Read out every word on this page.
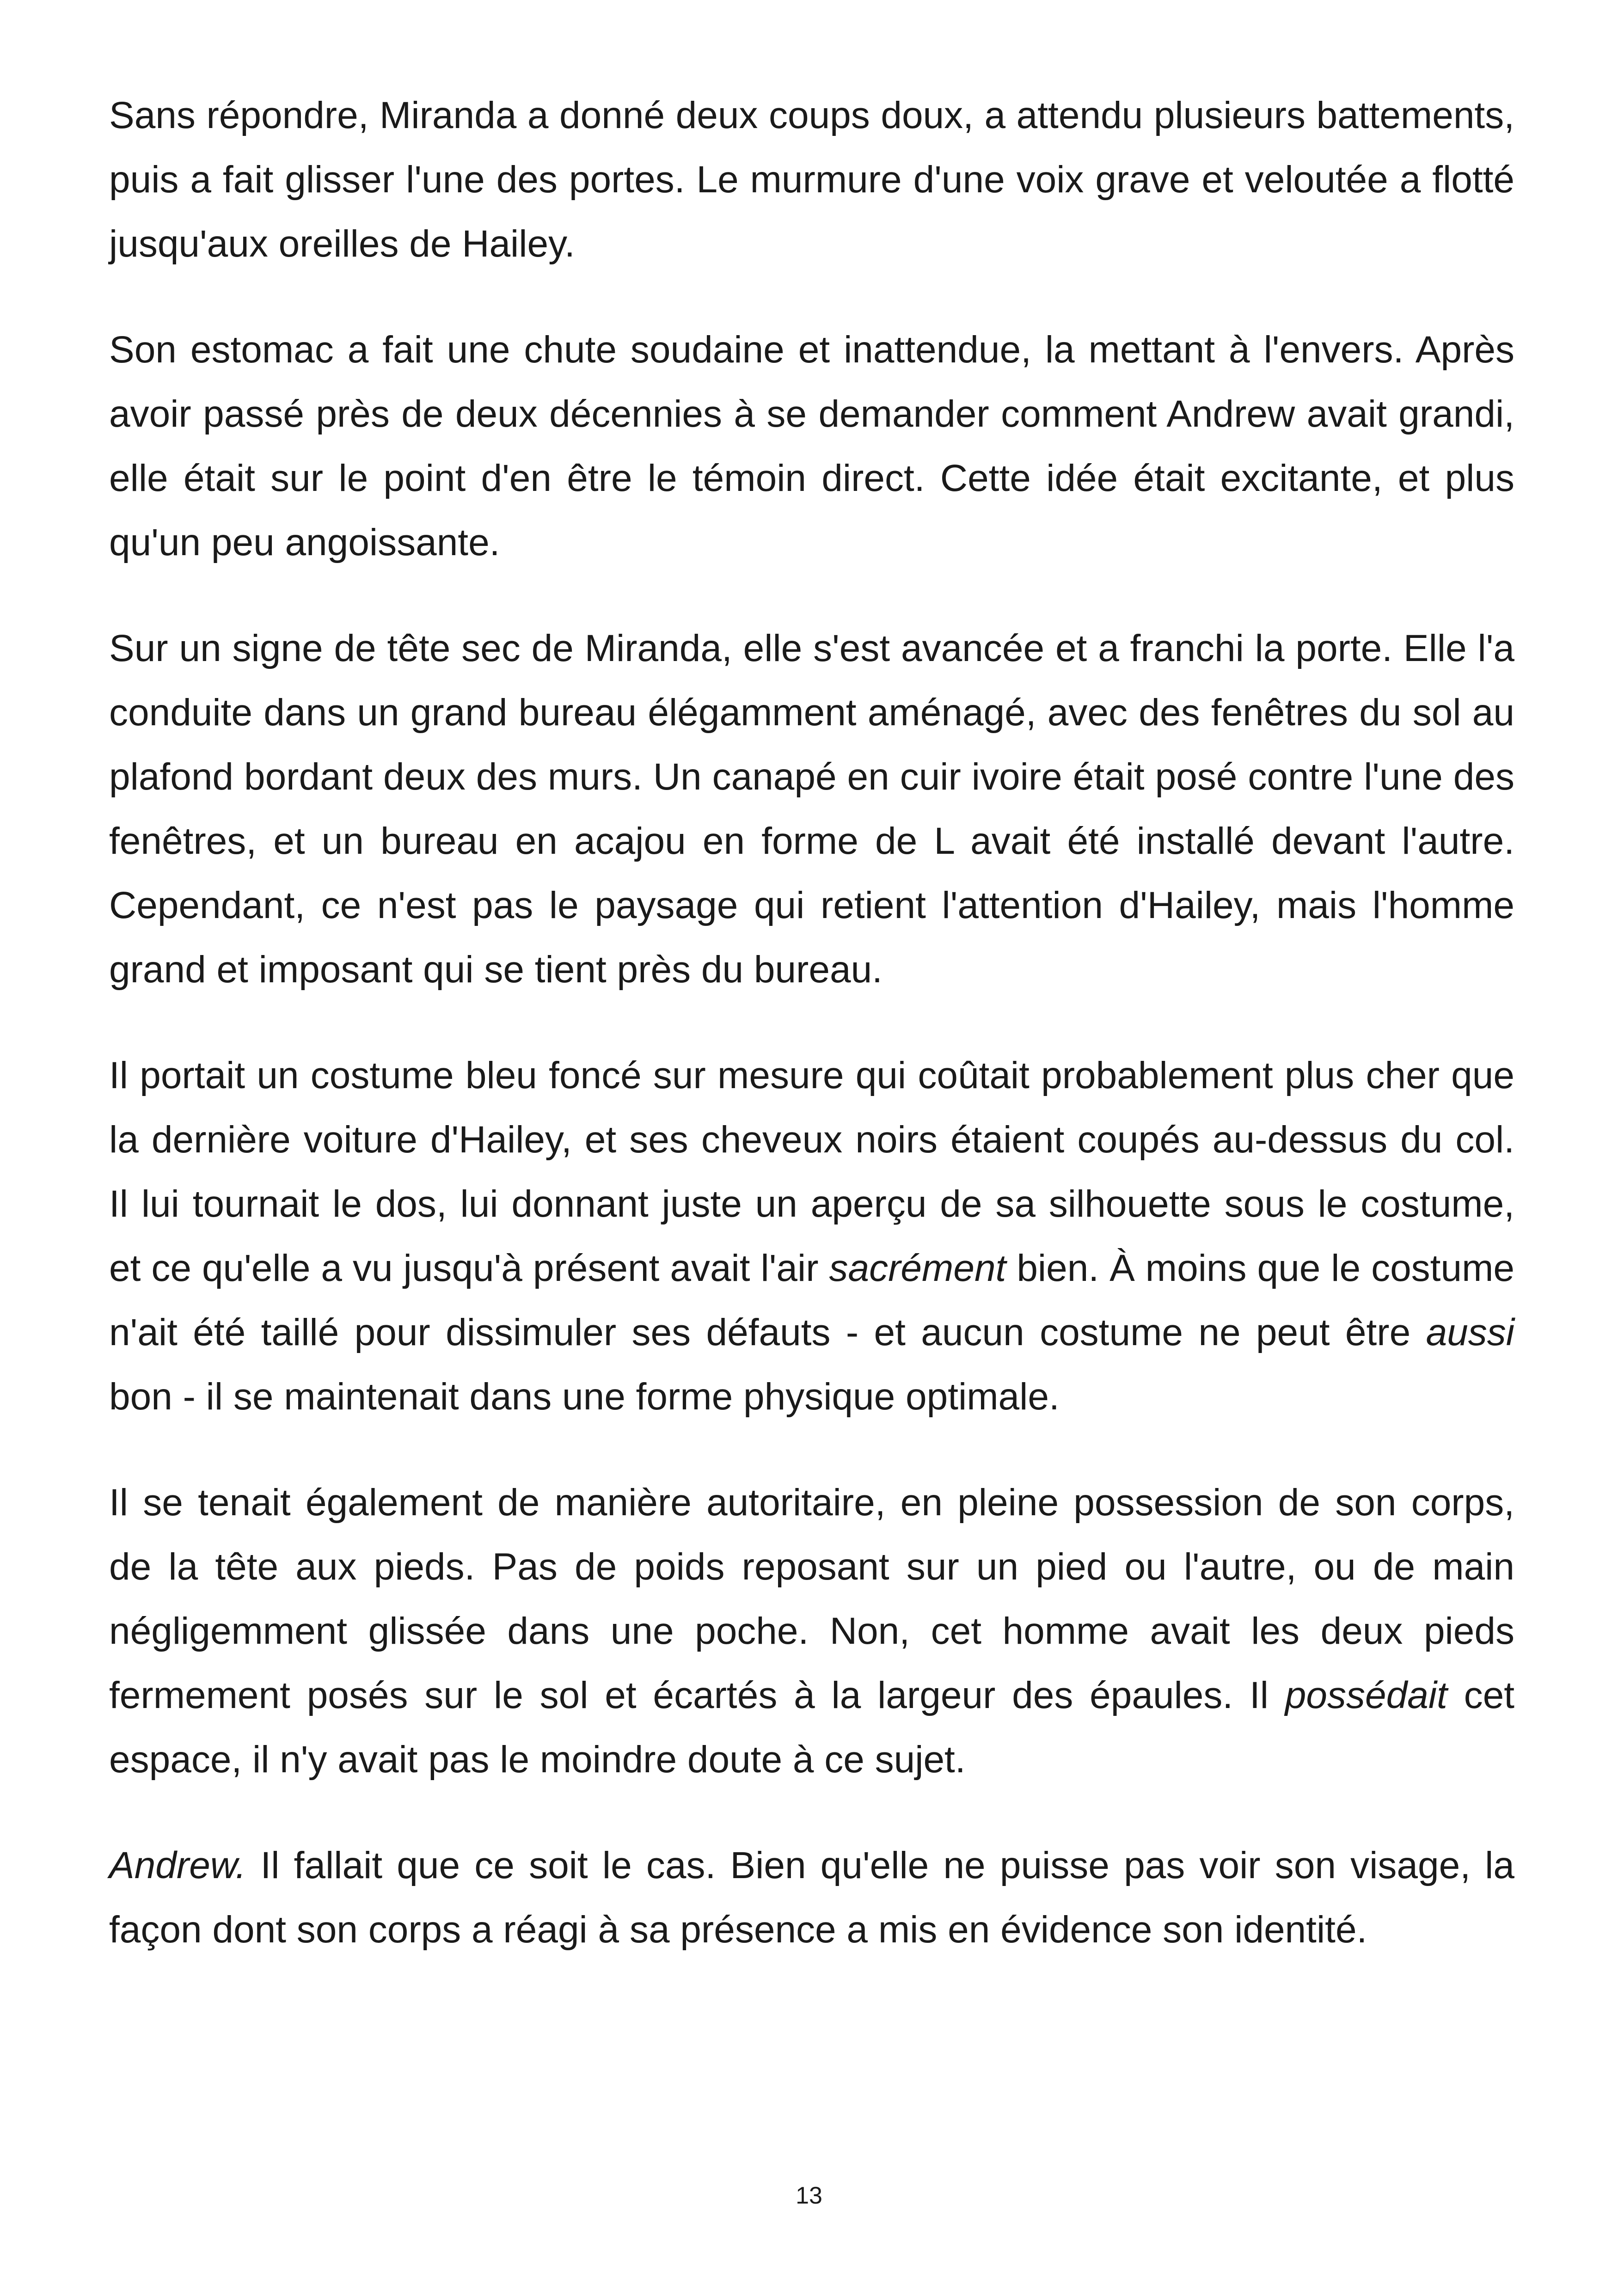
Sans répondre, Miranda a donné deux coups doux, a attendu plusieurs battements, puis a fait glisser l'une des portes. Le murmure d'une voix grave et veloutée a flotté jusqu'aux oreilles de Hailey.

Son estomac a fait une chute soudaine et inattendue, la mettant à l'envers. Après avoir passé près de deux décennies à se demander comment Andrew avait grandi, elle était sur le point d'en être le témoin direct. Cette idée était excitante, et plus qu'un peu angoissante.

Sur un signe de tête sec de Miranda, elle s'est avancée et a franchi la porte. Elle l'a conduite dans un grand bureau élégamment aménagé, avec des fenêtres du sol au plafond bordant deux des murs. Un canapé en cuir ivoire était posé contre l'une des fenêtres, et un bureau en acajou en forme de L avait été installé devant l'autre. Cependant, ce n'est pas le paysage qui retient l'attention d'Hailey, mais l'homme grand et imposant qui se tient près du bureau.

Il portait un costume bleu foncé sur mesure qui coûtait probablement plus cher que la dernière voiture d'Hailey, et ses cheveux noirs étaient coupés au-dessus du col. Il lui tournait le dos, lui donnant juste un aperçu de sa silhouette sous le costume, et ce qu'elle a vu jusqu'à présent avait l'air sacrément bien. À moins que le costume n'ait été taillé pour dissimuler ses défauts - et aucun costume ne peut être aussi bon - il se maintenait dans une forme physique optimale.

Il se tenait également de manière autoritaire, en pleine possession de son corps, de la tête aux pieds. Pas de poids reposant sur un pied ou l'autre, ou de main négligemment glissée dans une poche. Non, cet homme avait les deux pieds fermement posés sur le sol et écartés à la largeur des épaules. Il possédait cet espace, il n'y avait pas le moindre doute à ce sujet.

Andrew. Il fallait que ce soit le cas. Bien qu'elle ne puisse pas voir son visage, la façon dont son corps a réagi à sa présence a mis en évidence son identité.

13
